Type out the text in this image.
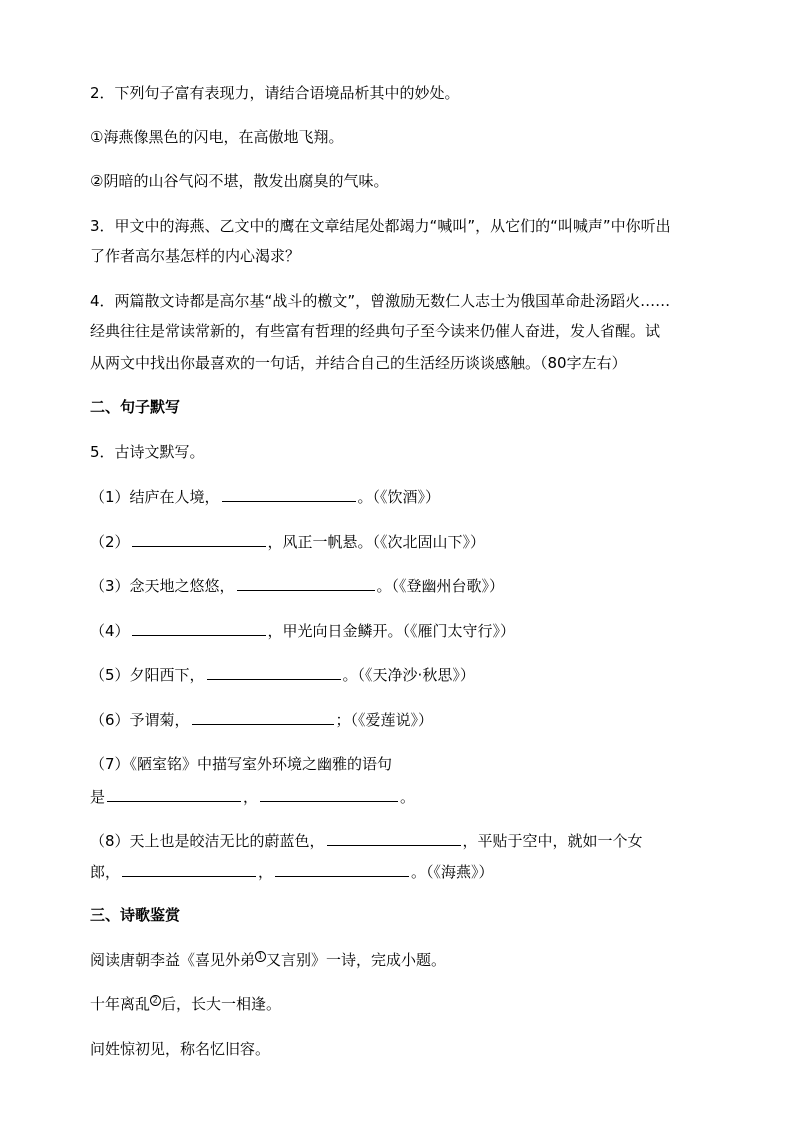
2．下列句子富有表现力，请结合语境品析其中的妙处。
①海燕像黑色的闪电，在高傲地飞翔。
②阴暗的山谷气闷不堪，散发出腐臭的气味。
3．甲文中的海燕、乙文中的鹰在文章结尾处都竭力“喊叫”，从它们的“叫喊声”中你听出
了作者高尔基怎样的内心渴求？
4．两篇散文诗都是高尔基“战斗的檄文”，曾激励无数仁人志士为俄国革命赴汤蹈火……
经典往往是常读常新的，有些富有哲理的经典句子至今读来仍催人奋进，发人省醒。试
从两文中找出你最喜欢的一句话，并结合自己的生活经历谈谈感触。（80字左右）
二、句子默写
5．古诗文默写。
（1）结庐在人境，	。（《饮酒》）
（2）	，风正一帆悬。（《次北固山下》）
（3）念天地之悠悠，	。（《登幽州台歌》）
（4）	，甲光向日金鳞开。（《雁门太守行》）
（5）夕阳西下，	。（《天净沙·秋思》）
（6）予谓菊，	；（《爱莲说》）
（7）《陋室铭》中描写室外环境之幽雅的语句
是	，	。
（8）天上也是皎洁无比的蔚蓝色，	，平贴于空中，就如一个女
郎，	，	。（《海燕》）
三、诗歌鉴赏
阅读唐朝李益《喜见外弟 1 又言别》一诗，完成小题。
十年离乱 2 后，长大一相逢。
问姓惊初见，称名忆旧容。
